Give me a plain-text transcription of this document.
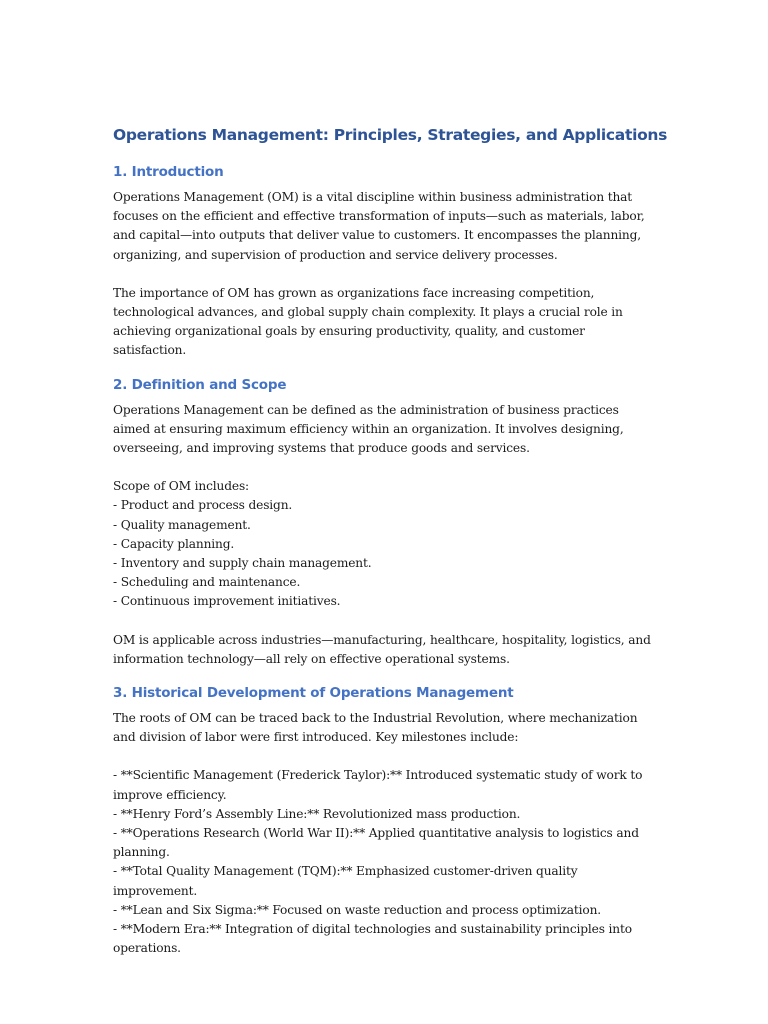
Operations Management: Principles, Strategies, and Applications
1. Introduction

Operations Management (OM) is a vital discipline within business administration that focuses on the efficient and effective transformation of inputs—such as materials, labor, and capital—into outputs that deliver value to customers. It encompasses the planning, organizing, and supervision of production and service delivery processes.

The importance of OM has grown as organizations face increasing competition, technological advances, and global supply chain complexity. It plays a crucial role in achieving organizational goals by ensuring productivity, quality, and customer satisfaction.

2. Definition and Scope

Operations Management can be defined as the administration of business practices aimed at ensuring maximum efficiency within an organization. It involves designing, overseeing, and improving systems that produce goods and services.

Scope of OM includes:

- Product and process design.
- Quality management.
- Capacity planning.
- Inventory and supply chain management.
- Scheduling and maintenance.
- Continuous improvement initiatives.

OM is applicable across industries—manufacturing, healthcare, hospitality, logistics, and information technology—all rely on effective operational systems.

3. Historical Development of Operations Management

The roots of OM can be traced back to the Industrial Revolution, where mechanization and division of labor were first introduced. Key milestones include:

- **Scientific Management (Frederick Taylor):** Introduced systematic study of work to improve efficiency.
- **Henry Ford’s Assembly Line:** Revolutionized mass production.
- **Operations Research (World War II):** Applied quantitative analysis to logistics and planning.
- **Total Quality Management (TQM):** Emphasized customer-driven quality improvement.
- **Lean and Six Sigma:** Focused on waste reduction and process optimization.
- **Modern Era:** Integration of digital technologies and sustainability principles into operations.
